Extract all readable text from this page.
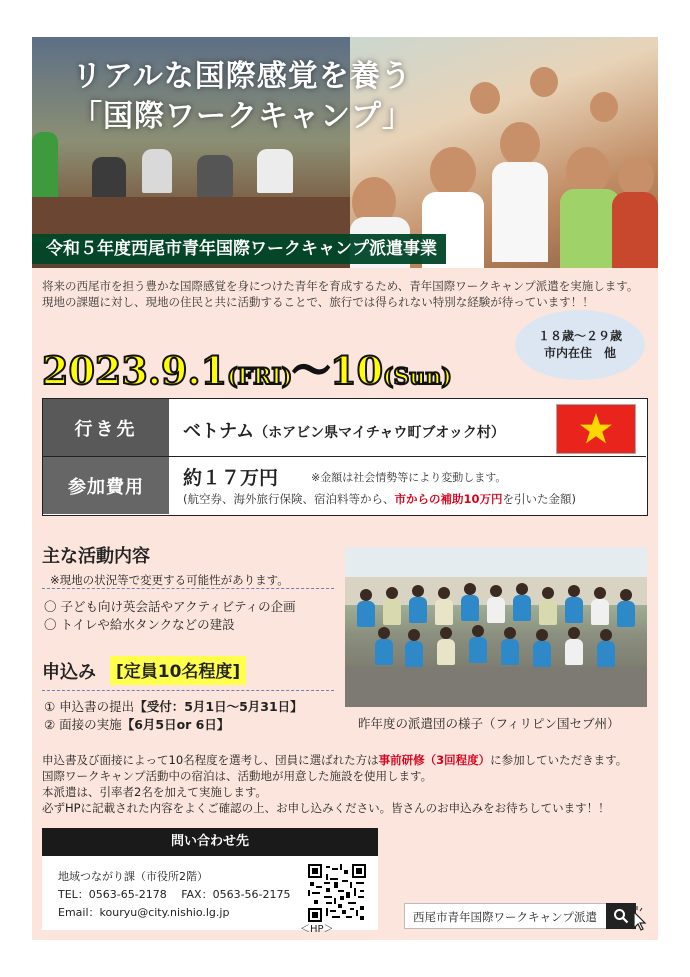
リアルな国際感覚を養う
「国際ワークキャンプ」
令和５年度西尾市青年国際ワークキャンプ派遣事業
将来の西尾市を担う豊かな国際感覚を身につけた青年を育成するため、青年国際ワークキャンプ派遣を実施します。
現地の課題に対し、現地の住民と共に活動することで、旅行では得られない特別な経験が待っています！！
2023.9.1(FRI)〜10(Sun)
１８歳～２９歳
市内在住　他
行き先	ベトナム（ホアビン県マイチャウ町ブオック村）
参加費用	約１７万円	※金額は社会情勢等により変動します。
(航空券、海外旅行保険、宿泊料等から、市からの補助10万円を引いた金額)
主な活動内容
※現地の状況等で変更する可能性があります。
〇 子ども向け英会話やアクティビティの企画
〇 トイレや給水タンクなどの建設
申込み	[定員10名程度]
① 申込書の提出【受付：5月1日～5月31日】
② 面接の実施【6月5日or 6日】	昨年度の派遣団の様子（フィリピン国セブ州）
申込書及び面接によって10名程度を選考し、団員に選ばれた方は事前研修（3回程度）に参加していただきます。
国際ワークキャンプ活動中の宿泊は、活動地が用意した施設を使用します。
本派遣は、引率者2名を加えて実施します。
必ずHPに記載された内容をよくご確認の上、お申し込みください。皆さんのお申込みをお待ちしています！！
問い合わせ先
地域つながり課（市役所2階）
TEL：0563-65-2178　 FAX：0563-56-2175
Email：kouryu@city.nishio.lg.jp
＜HP＞
西尾市青年国際ワークキャンプ派遣
